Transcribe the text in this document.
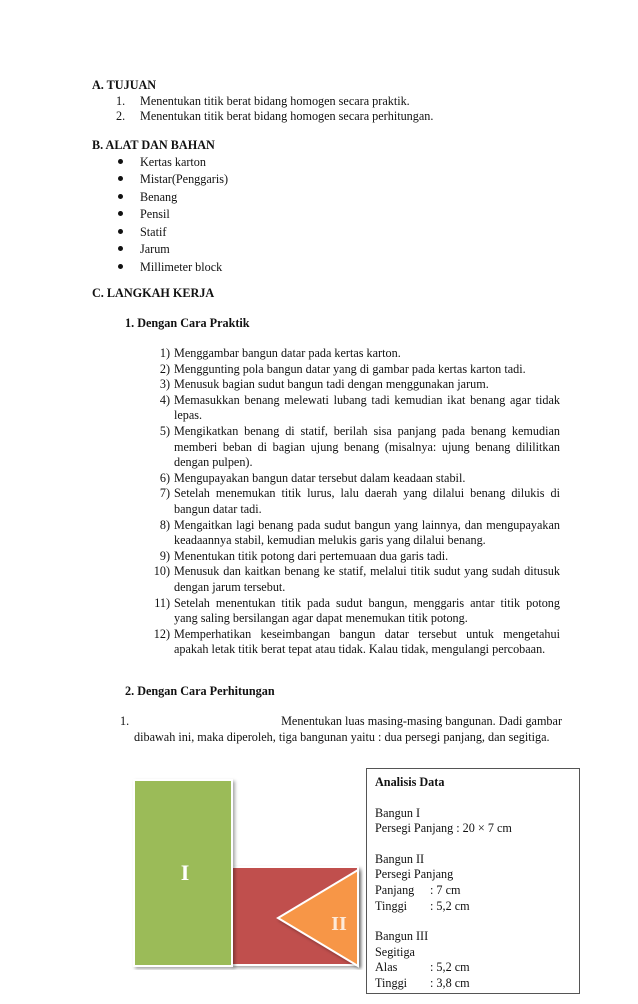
A. TUJUAN
1. Menentukan titik berat bidang homogen secara praktik.
2. Menentukan titik berat bidang homogen secara perhitungan.
B. ALAT DAN BAHAN
Kertas karton
Mistar(Penggaris)
Benang
Pensil
Statif
Jarum
Millimeter block
C. LANGKAH KERJA
1. Dengan Cara Praktik
1) Menggambar bangun datar pada kertas karton.
2) Menggunting pola bangun datar yang di gambar pada kertas karton tadi.
3) Menusuk bagian sudut bangun tadi dengan menggunakan jarum.
4) Memasukkan benang melewati lubang tadi kemudian ikat benang agar tidak lepas.
5) Mengikatkan benang di statif, berilah sisa panjang pada benang kemudian memberi beban di bagian ujung benang (misalnya: ujung benang dililitkan dengan pulpen).
6) Mengupayakan bangun datar tersebut dalam keadaan stabil.
7) Setelah menemukan titik lurus, lalu daerah yang dilalui benang dilukis di bangun datar tadi.
8) Mengaitkan lagi benang pada sudut bangun yang lainnya, dan mengupayakan keadaannya stabil, kemudian melukis garis yang dilalui benang.
9) Menentukan titik potong dari pertemuaan dua garis tadi.
10) Menusuk dan kaitkan benang ke statif, melalui titik sudut yang sudah ditusuk dengan jarum tersebut.
11) Setelah menentukan titik pada sudut bangun, menggaris antar titik potong yang saling bersilangan agar dapat menemukan titik potong.
12) Memperhatikan keseimbangan bangun datar tersebut untuk mengetahui apakah letak titik berat tepat atau tidak. Kalau tidak, mengulangi percobaan.
2. Dengan Cara Perhitungan
1.	Menentukan luas masing-masing bangunan. Dadi gambar
dibawah ini, maka diperoleh, tiga bangunan yaitu : dua persegi panjang, dan segitiga.
I
II

Analisis Data

Bangun I

Persegi Panjang : 20 × 7 cm

Bangun II

Persegi Panjang

Panjang	: 7 cm
Tinggi	: 5,2 cm

Bangun III

Segitiga

Alas	: 5,2 cm
Tinggi	: 3,8 cm
